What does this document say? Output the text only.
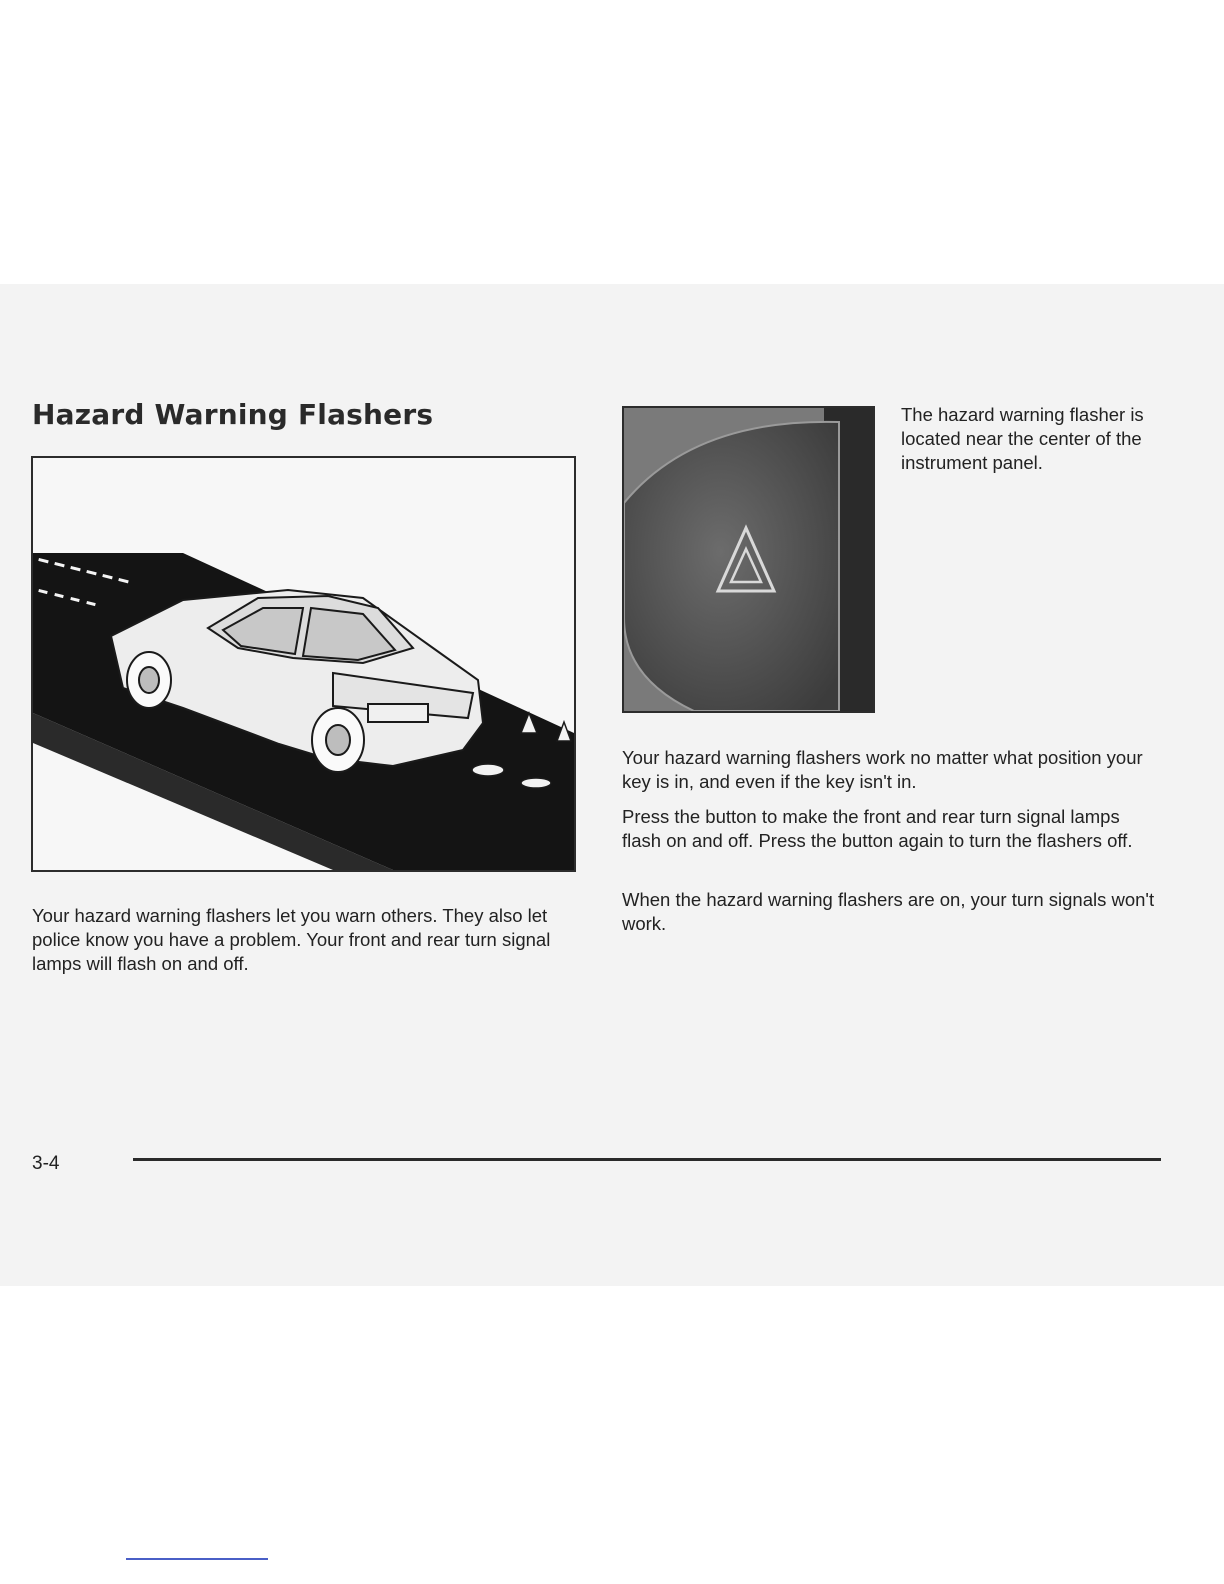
Hazard Warning Flashers	The hazard warning flasher is located near the center of the instrument panel.

Your hazard warning flashers let you warn others. They also let police know you have a problem. Your front and rear turn signal lamps will flash on and off.

Your hazard warning flashers work no matter what position your key is in, and even if the key isn't in.

Press the button to make the front and rear turn signal lamps flash on and off. Press the button again to turn the flashers off.

When the hazard warning flashers are on, your turn signals won't work.

3-4
